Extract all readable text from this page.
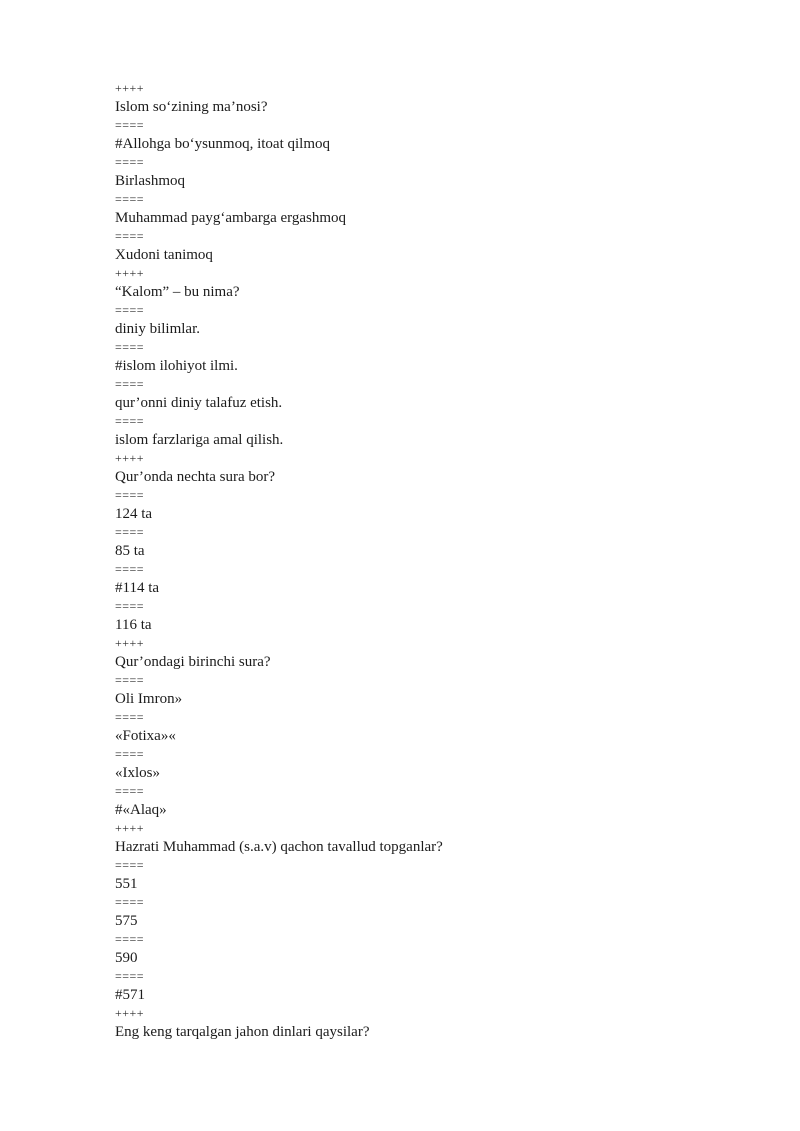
++++
Islom so‘zining ma’nosi?
====
#Allohga bo‘ysunmoq, itoat qilmoq
====
Birlashmoq
====
Muhammad payg‘ambarga ergashmoq
====
Xudoni tanimoq
++++
“Kalom” – bu nima?
====
diniy bilimlar.
====
#islom ilohiyot ilmi.
====
qur’onni diniy talafuz etish.
====
islom farzlariga amal qilish.
++++
Qur’onda nechta sura bor?
====
124 ta
====
85 ta
====
#114 ta
====
116 ta
++++
Qur’ondagi birinchi sura?
====
Oli Imron»
====
«Fotixa»«
====
«Ixlos»
====
#«Alaq»
++++
Hazrati Muhammad (s.a.v) qachon tavallud topganlar?
====
551
====
575
====
590
====
#571
++++
Eng keng tarqalgan jahon dinlari qaysilar?
